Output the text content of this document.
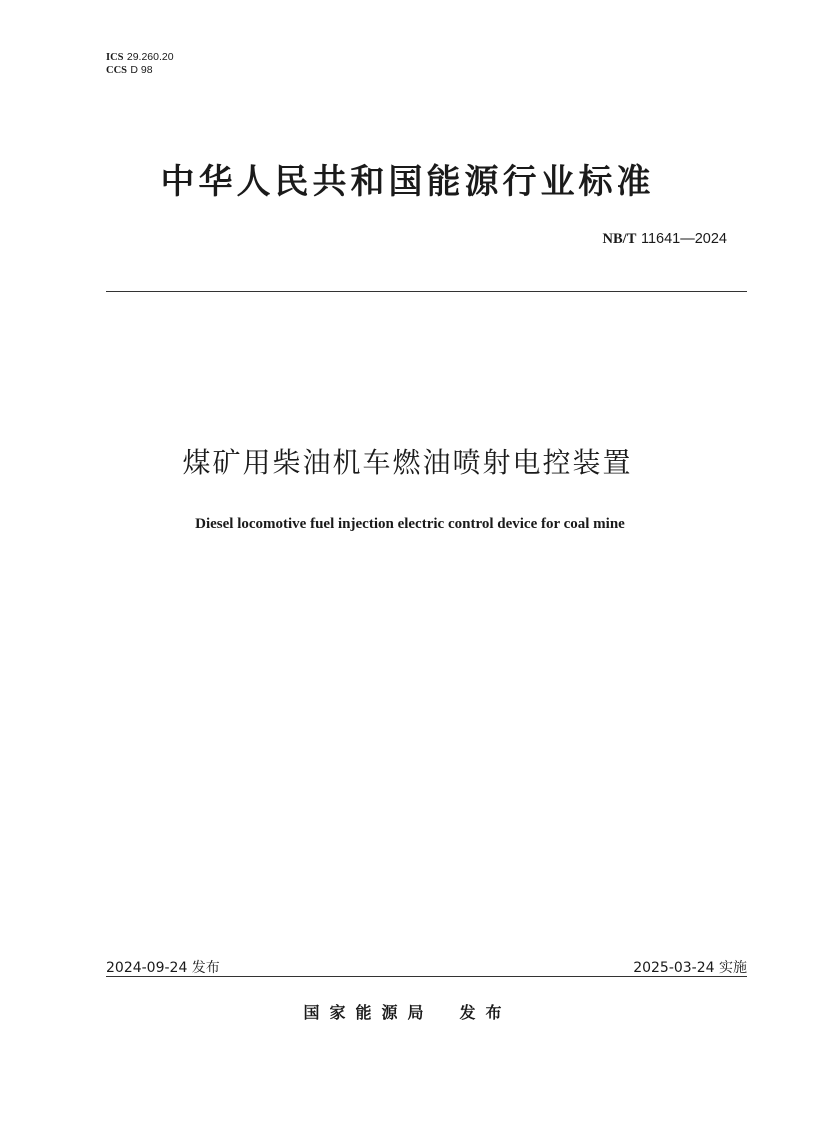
ICS 29.260.20
CCS D 98
中华人民共和国能源行业标准
NB/T 11641—2024
煤矿用柴油机车燃油喷射电控装置
Diesel locomotive fuel injection electric control device for coal mine
2024-09-24 发布	2025-03-24 实施
国家能源局 发布
